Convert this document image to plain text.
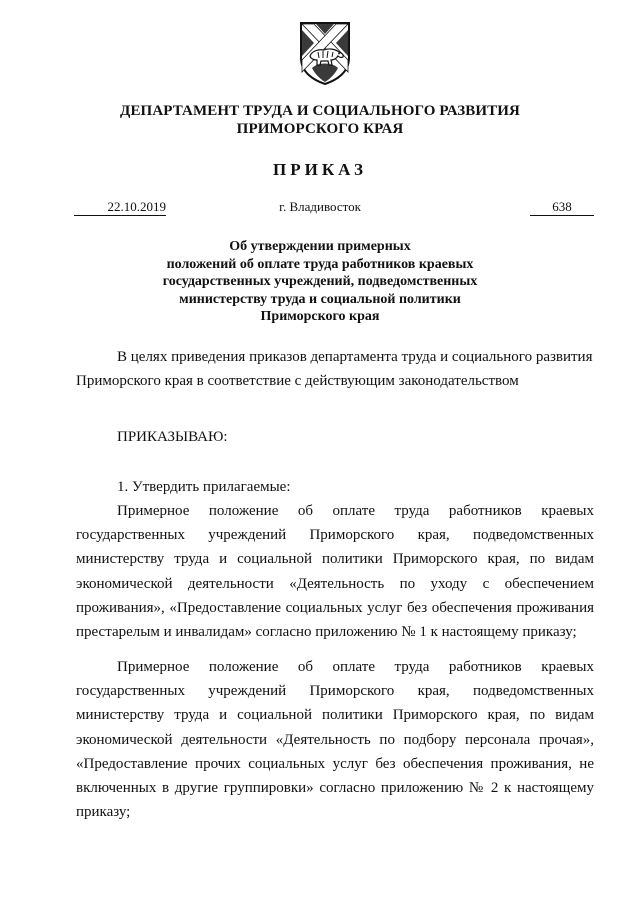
ДЕПАРТАМЕНТ ТРУДА И СОЦИАЛЬНОГО РАЗВИТИЯ
ПРИМОРСКОГО КРАЯ
ПРИКАЗ
22.10.2019	г. Владивосток	638
Об утверждении примерных
положений об оплате труда работников краевых
государственных учреждений, подведомственных
министерству труда и социальной политики
Приморского края
В целях приведения приказов департамента труда и социального развития
Приморского края в соответствие с действующим законодательством
ПРИКАЗЫВАЮ:
1. Утвердить прилагаемые:
Примерное положение об оплате труда работников краевых
государственных учреждений Приморского края, подведомственных
министерству труда и социальной политики Приморского края, по видам
экономической деятельности «Деятельность по уходу с обеспечением
проживания», «Предоставление социальных услуг без обеспечения проживания
престарелым и инвалидам» согласно приложению № 1 к настоящему приказу;
Примерное положение об оплате труда работников краевых
государственных учреждений Приморского края, подведомственных
министерству труда и социальной политики Приморского края, по видам
экономической деятельности «Деятельность по подбору персонала прочая»,
«Предоставление прочих социальных услуг без обеспечения проживания, не
включенных в другие группировки» согласно приложению № 2 к настоящему
приказу;
